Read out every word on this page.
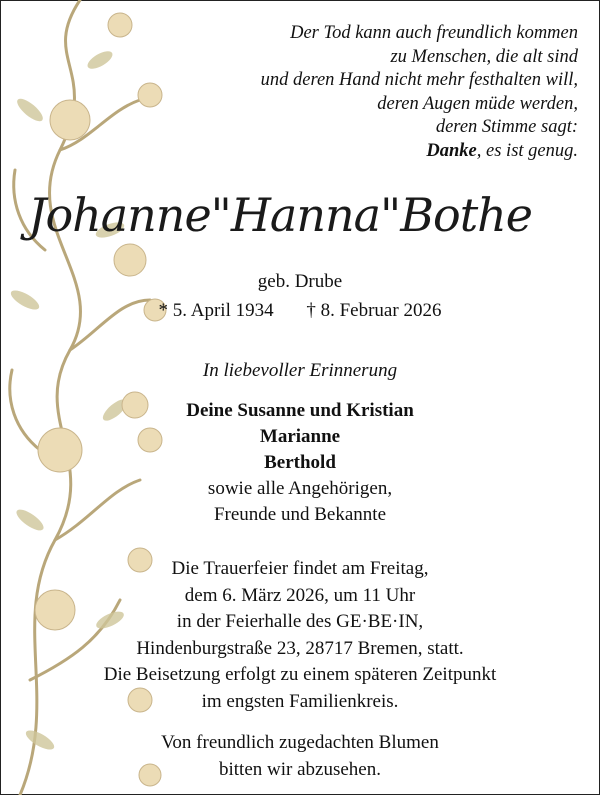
Der Tod kann auch freundlich kommen
zu Menschen, die alt sind
und deren Hand nicht mehr festhalten will,
deren Augen müde werden,
deren Stimme sagt:
Danke, es ist genug.
Johanne"Hanna"Bothe
geb. Drube
* 5. April 1934 † 8. Februar 2026
In liebevoller Erinnerung
Deine Susanne und Kristian
Marianne
Berthold
sowie alle Angehörigen,
Freunde und Bekannte
Die Trauerfeier findet am Freitag,
dem 6. März 2026, um 11 Uhr
in der Feierhalle des GE·BE·IN,
Hindenburgstraße 23, 28717 Bremen, statt.
Die Beisetzung erfolgt zu einem späteren Zeitpunkt
im engsten Familienkreis.
Von freundlich zugedachten Blumen
bitten wir abzusehen.
